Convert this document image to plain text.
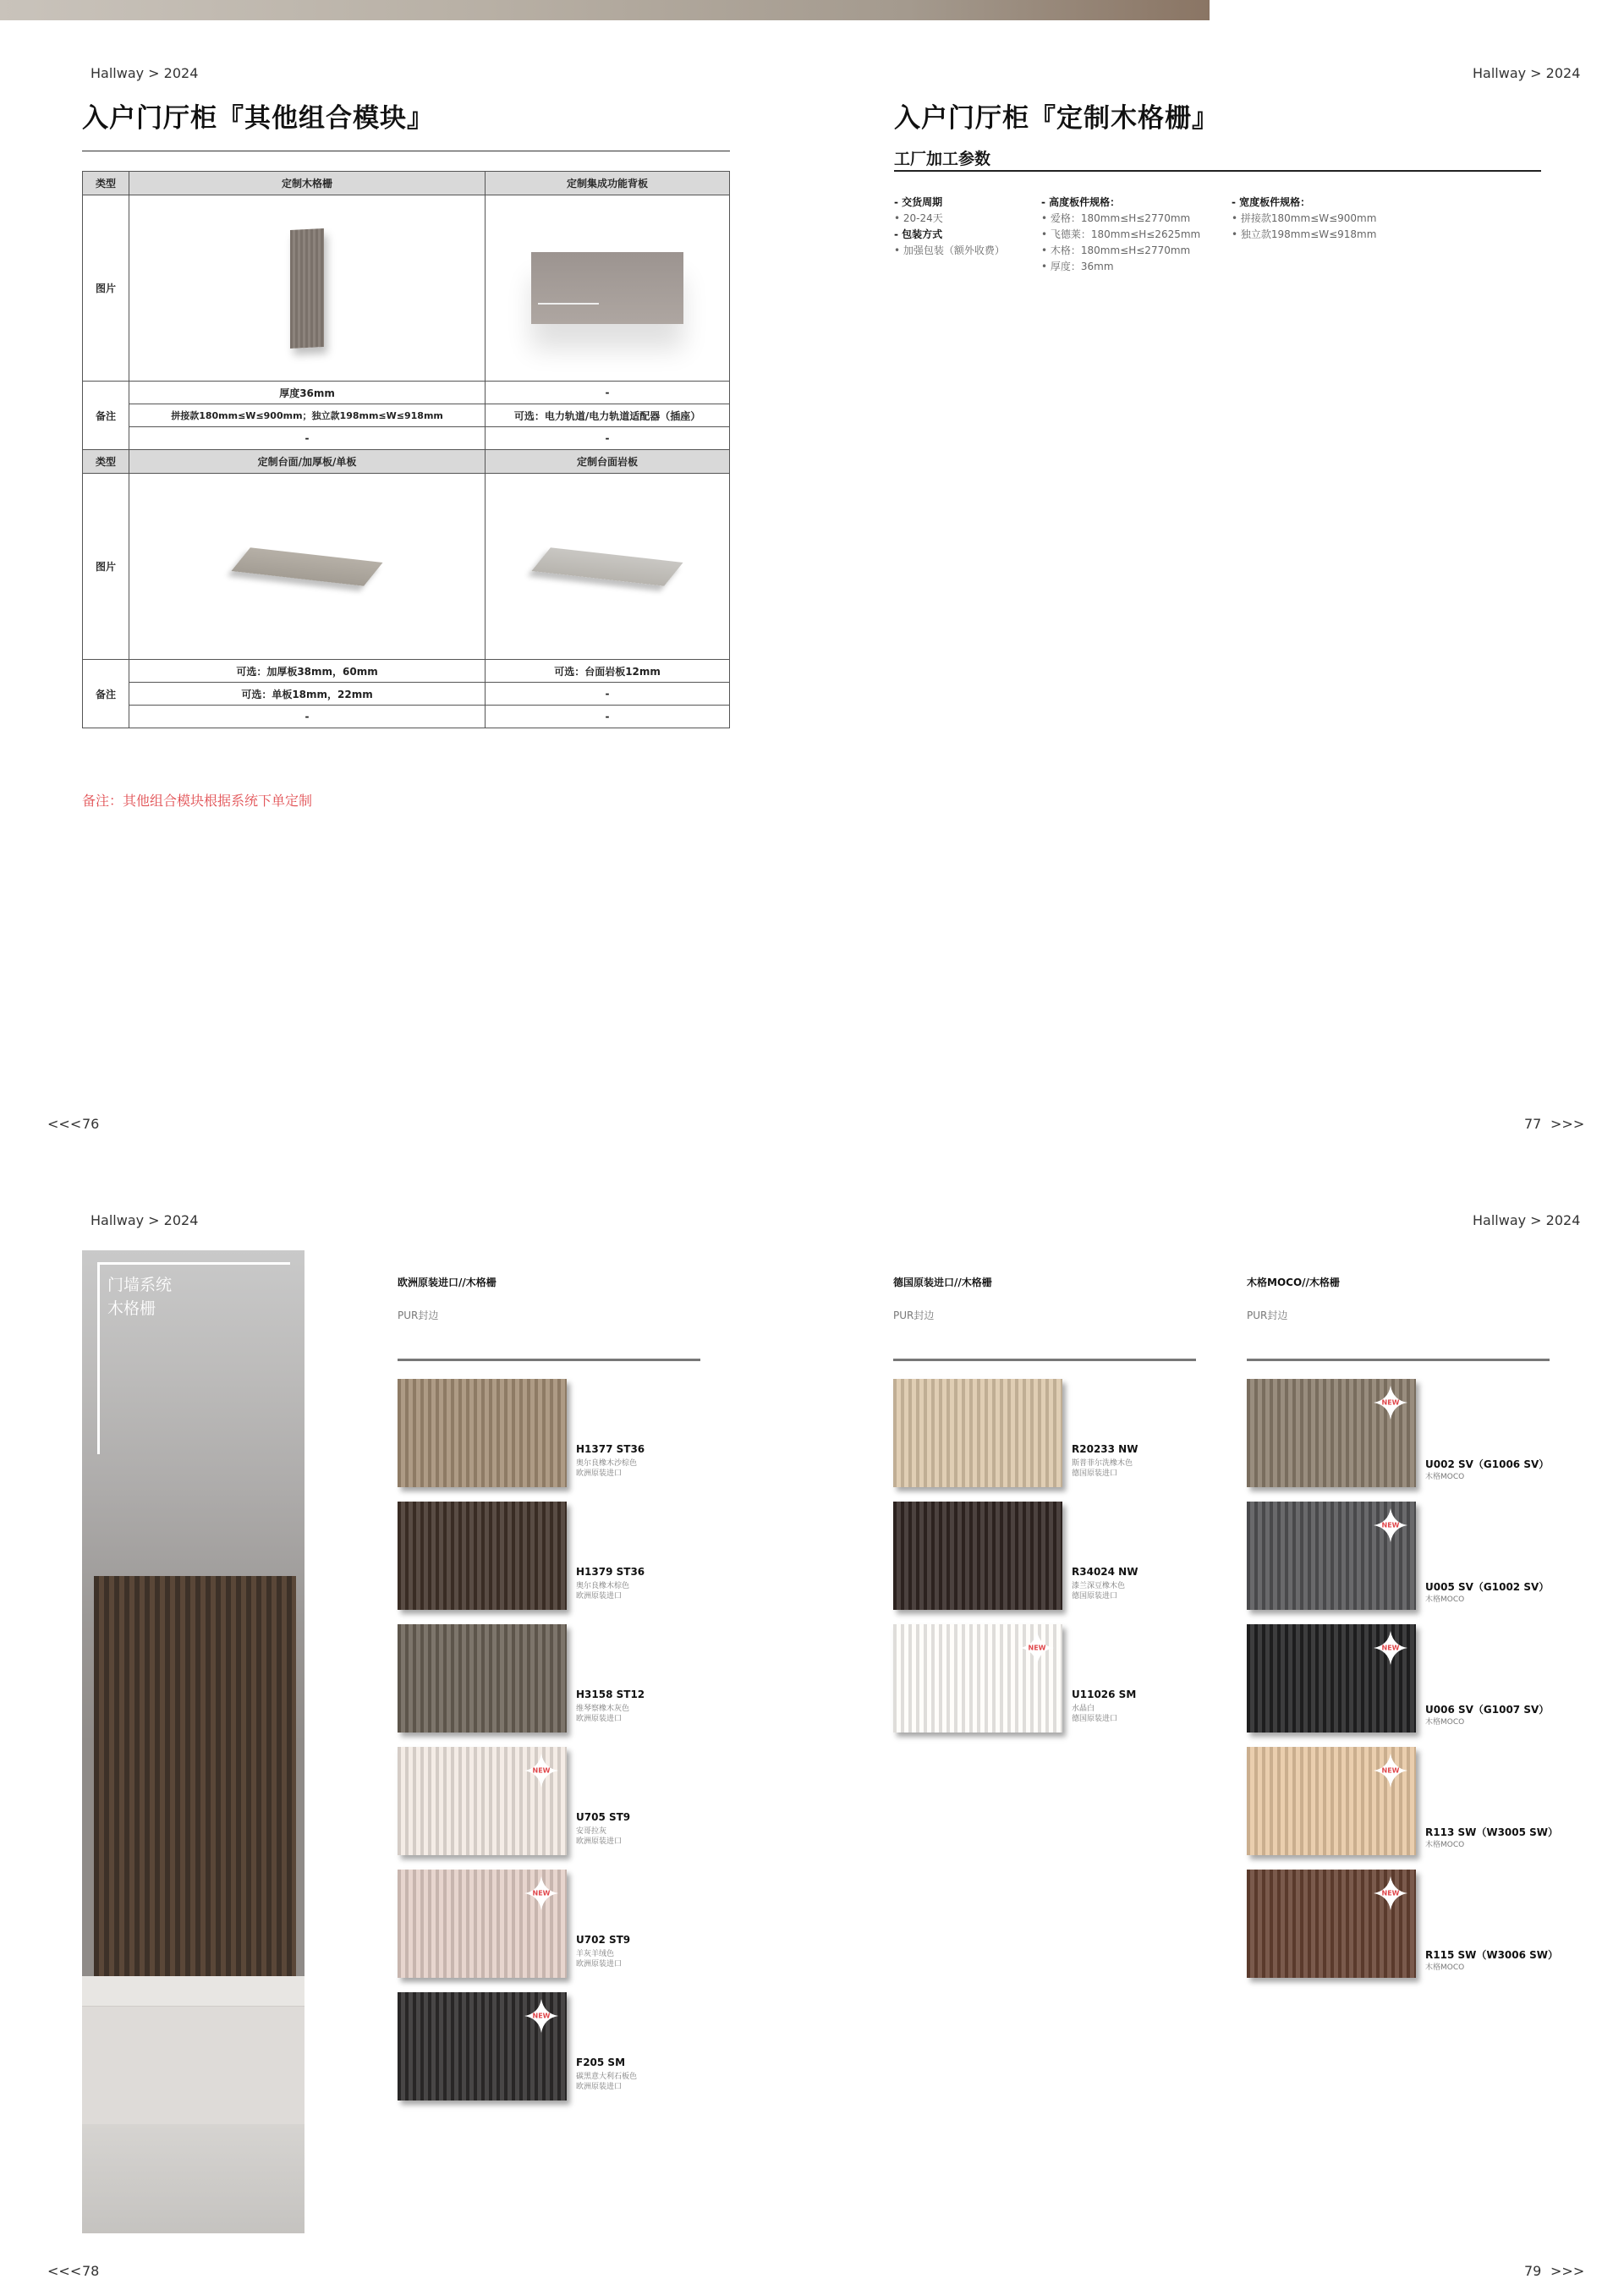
Hallway > 2024
入户门厅柜『其他组合模块』
类型	定制木格栅	定制集成功能背板
图片	

备注	厚度36mm	-
	拼接款180mm≤W≤900mm；独立款198mm≤W≤918mm	可选：电力轨道/电力轨道适配器（插座）
	-	-
类型	定制台面/加厚板/单板	定制台面岩板
图片	

备注	可选：加厚板38mm，60mm	可选：台面岩板12mm
	可选：单板18mm，22mm	-
	-	-
备注：其他组合模块根据系统下单定制
<<< 76
Hallway > 2024
入户门厅柜『定制木格栅』
工厂加工参数
- 交货周期
• 20-24天
- 包装方式
• 加强包装（额外收费）
- 高度板件规格：
• 爱格：180mm≤H≤2770mm
• 飞德莱：180mm≤H≤2625mm
• 木格：180mm≤H≤2770mm
• 厚度：36mm
- 宽度板件规格：
• 拼接款180mm≤W≤900mm
• 独立款198mm≤W≤918mm
77 >>>
Hallway > 2024
门墙系统
木格栅
欧洲原装进口//木格栅
PUR封边
H1377 ST36
奥尔良橡木沙棕色
欧洲原装进口
H1379 ST36
奥尔良橡木棕色
欧洲原装进口
H3158 ST12
维琴察橡木灰色
欧洲原装进口
NEW
U705 ST9
安哥拉灰
欧洲原装进口
NEW
U702 ST9
羊灰羊绒色
欧洲原装进口
NEW
F205 SM
碳黑意大利石板色
欧洲原装进口
<<< 78
Hallway > 2024
德国原装进口//木格栅
PUR封边
R20233 NW
斯普菲尔洗橡木色
德国原装进口
R34024 NW
漆兰深豆橡木色
德国原装进口
NEW
U11026 SM
水晶白
德国原装进口
木格MOCO//木格栅
PUR封边
NEW
U002 SV（G1006 SV）
木格MOCO
NEW
U005 SV（G1002 SV）
木格MOCO
NEW
U006 SV（G1007 SV）
木格MOCO
NEW
R113 SW（W3005 SW）
木格MOCO
NEW
R115 SW（W3006 SW）
木格MOCO
79 >>>
